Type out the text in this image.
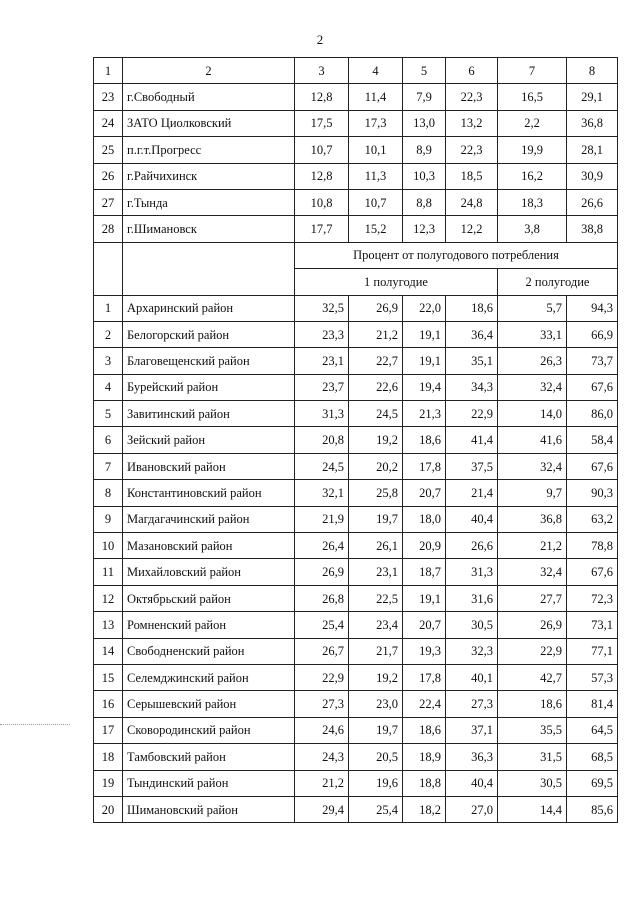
2
1	2	3	4	5	6	7	8
23	г.Свободный	12,8	11,4	7,9	22,3	16,5	29,1
24	ЗАТО Циолковский	17,5	17,3	13,0	13,2	2,2	36,8
25	п.г.т.Прогресс	10,7	10,1	8,9	22,3	19,9	28,1
26	г.Райчихинск	12,8	11,3	10,3	18,5	16,2	30,9
27	г.Тында	10,8	10,7	8,8	24,8	18,3	26,6
28	г.Шимановск	17,7	15,2	12,3	12,2	3,8	38,8
		Процент от полугодового потребления					
		1 полугодие				2 полугодие	
1	Архаринский район	32,5	26,9	22,0	18,6	5,7	94,3
2	Белогорский район	23,3	21,2	19,1	36,4	33,1	66,9
3	Благовещенский район	23,1	22,7	19,1	35,1	26,3	73,7
4	Бурейский район	23,7	22,6	19,4	34,3	32,4	67,6
5	Завитинский район	31,3	24,5	21,3	22,9	14,0	86,0
6	Зейский район	20,8	19,2	18,6	41,4	41,6	58,4
7	Ивановский район	24,5	20,2	17,8	37,5	32,4	67,6
8	Константиновский район	32,1	25,8	20,7	21,4	9,7	90,3
9	Магдагачинский район	21,9	19,7	18,0	40,4	36,8	63,2
10	Мазановский район	26,4	26,1	20,9	26,6	21,2	78,8
11	Михайловский район	26,9	23,1	18,7	31,3	32,4	67,6
12	Октябрьский район	26,8	22,5	19,1	31,6	27,7	72,3
13	Ромненский район	25,4	23,4	20,7	30,5	26,9	73,1
14	Свободненский район	26,7	21,7	19,3	32,3	22,9	77,1
15	Селемджинский район	22,9	19,2	17,8	40,1	42,7	57,3
16	Серышевский район	27,3	23,0	22,4	27,3	18,6	81,4
17	Сковородинский район	24,6	19,7	18,6	37,1	35,5	64,5
18	Тамбовский район	24,3	20,5	18,9	36,3	31,5	68,5
19	Тындинский район	21,2	19,6	18,8	40,4	30,5	69,5
20	Шимановский район	29,4	25,4	18,2	27,0	14,4	85,6
